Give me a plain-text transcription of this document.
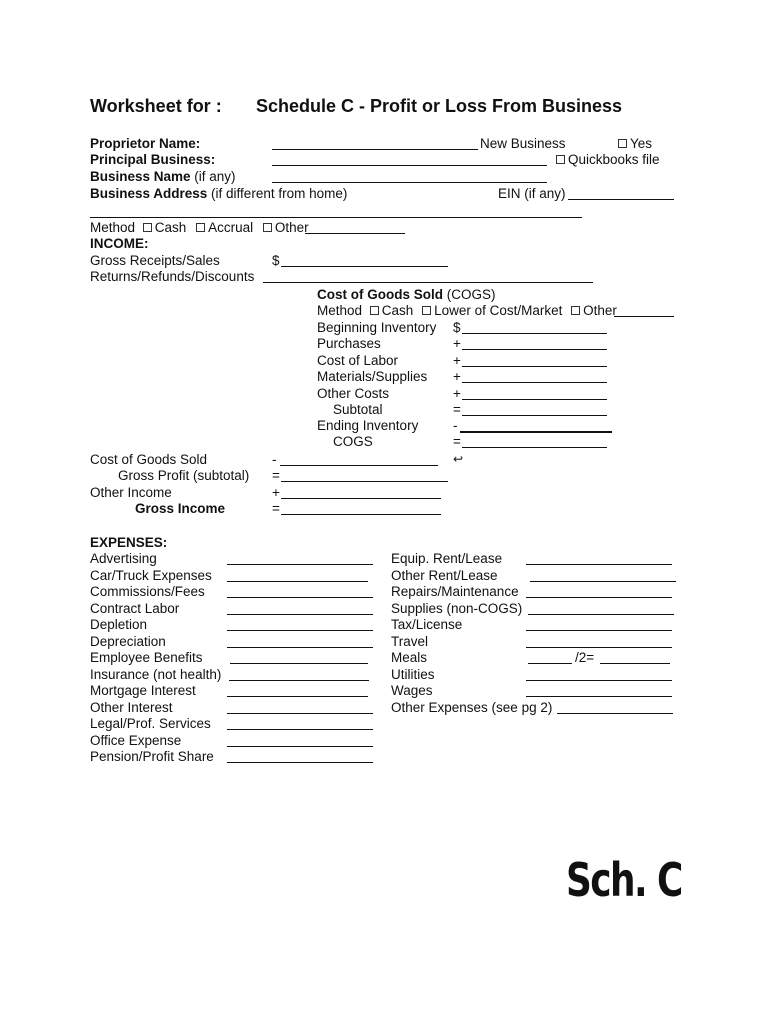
Worksheet for : Schedule C - Profit or Loss From Business
Proprietor Name:	New Business	Yes
Principal Business:	Quickbooks file
Business Name (if any)
Business Address (if different from home)	EIN (if any)
Method Cash Accrual Other
INCOME:
Gross Receipts/Sales	$
Returns/Refunds/Discounts
Cost of Goods Sold (COGS)
Method Cash Lower of Cost/Market Other
Beginning Inventory $
Purchases	+
Cost of Labor	+
Materials/Supplies +
Other Costs	+
Subtotal	=
Ending Inventory	-
COGS	=
Cost of Goods Sold	-	↩
Gross Profit (subtotal) =
Other Income	+
Gross Income	=
EXPENSES:
Advertising
Car/Truck Expenses
Commissions/Fees
Contract Labor
Depletion
Depreciation
Employee Benefits
Insurance (not health)
Mortgage Interest
Other Interest
Legal/Prof. Services
Office Expense
Pension/Profit Share
Equip. Rent/Lease
Other Rent/Lease
Repairs/Maintenance
Supplies (non-COGS)
Tax/License
Travel
Meals	/2=
Utilities
Wages
Other Expenses (see pg 2)
Sch. C
